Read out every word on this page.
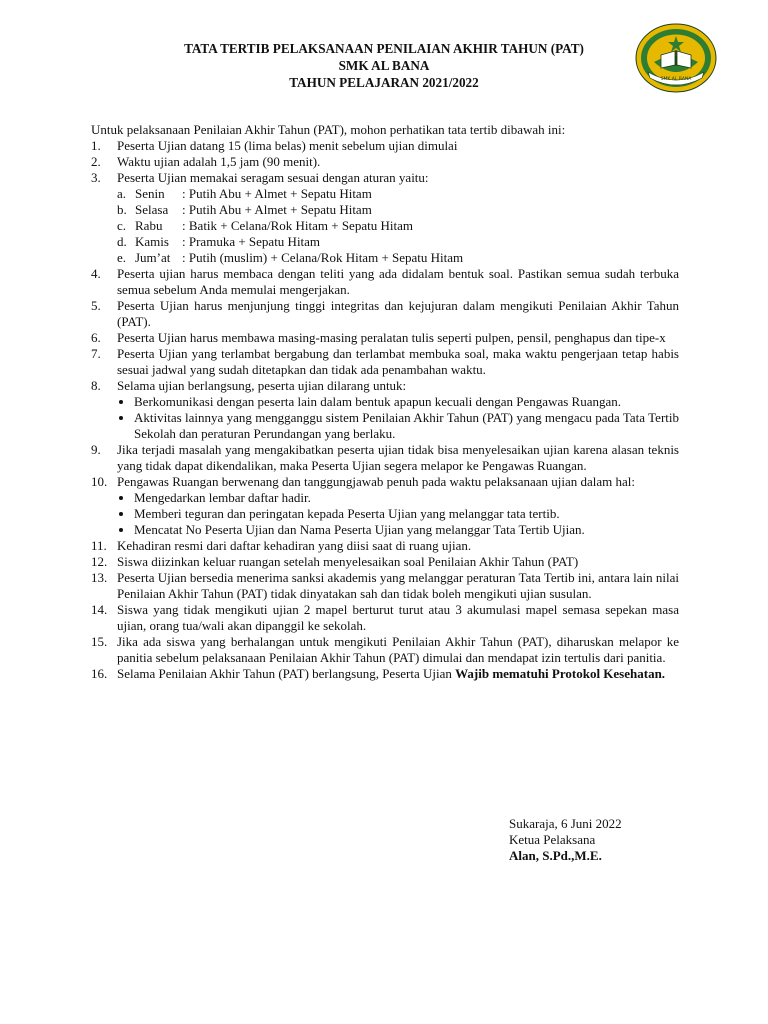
TATA TERTIB PELAKSANAAN PENILAIAN AKHIR TAHUN (PAT)
SMK AL BANA
TAHUN PELAJARAN 2021/2022	SMK AL BANA
Untuk pelaksanaan Penilaian Akhir Tahun (PAT), mohon perhatikan tata tertib dibawah ini:
1. Peserta Ujian datang 15 (lima belas) menit sebelum ujian dimulai
2. Waktu ujian adalah 1,5 jam (90 menit).
3. Peserta Ujian memakai seragam sesuai dengan aturan yaitu:
a. Senin : Putih Abu + Almet + Sepatu Hitam
b. Selasa : Putih Abu + Almet + Sepatu Hitam
c. Rabu : Batik + Celana/Rok Hitam + Sepatu Hitam
d. Kamis : Pramuka + Sepatu Hitam
e. Jum’at : Putih (muslim) + Celana/Rok Hitam + Sepatu Hitam
4. Peserta ujian harus membaca dengan teliti yang ada didalam bentuk soal. Pastikan semua sudah terbuka semua sebelum Anda memulai mengerjakan.
5. Peserta Ujian harus menjunjung tinggi integritas dan kejujuran dalam mengikuti Penilaian Akhir Tahun (PAT).
6. Peserta Ujian harus membawa masing-masing peralatan tulis seperti pulpen, pensil, penghapus dan tipe-x
7. Peserta Ujian yang terlambat bergabung dan terlambat membuka soal, maka waktu pengerjaan tetap habis sesuai jadwal yang sudah ditetapkan dan tidak ada penambahan waktu.
8. Selama ujian berlangsung, peserta ujian dilarang untuk:
Berkomunikasi dengan peserta lain dalam bentuk apapun kecuali dengan Pengawas Ruangan.
Aktivitas lainnya yang mengganggu sistem Penilaian Akhir Tahun (PAT) yang mengacu pada Tata Tertib Sekolah dan peraturan Perundangan yang berlaku.
9. Jika terjadi masalah yang mengakibatkan peserta ujian tidak bisa menyelesaikan ujian karena alasan teknis yang tidak dapat dikendalikan, maka Peserta Ujian segera melapor ke Pengawas Ruangan.
10. Pengawas Ruangan berwenang dan tanggungjawab penuh pada waktu pelaksanaan ujian dalam hal:
Mengedarkan lembar daftar hadir.
Memberi teguran dan peringatan kepada Peserta Ujian yang melanggar tata tertib.
Mencatat No Peserta Ujian dan Nama Peserta Ujian yang melanggar Tata Tertib Ujian.
11. Kehadiran resmi dari daftar kehadiran yang diisi saat di ruang ujian.
12. Siswa diizinkan keluar ruangan setelah menyelesaikan soal Penilaian Akhir Tahun (PAT)
13. Peserta Ujian bersedia menerima sanksi akademis yang melanggar peraturan Tata Tertib ini, antara lain nilai Penilaian Akhir Tahun (PAT) tidak dinyatakan sah dan tidak boleh mengikuti ujian susulan.
14. Siswa yang tidak mengikuti ujian 2 mapel berturut turut atau 3 akumulasi mapel semasa sepekan masa ujian, orang tua/wali akan dipanggil ke sekolah.
15. Jika ada siswa yang berhalangan untuk mengikuti Penilaian Akhir Tahun (PAT), diharuskan melapor ke panitia sebelum pelaksanaan Penilaian Akhir Tahun (PAT) dimulai dan mendapat izin tertulis dari panitia.
16. Selama Penilaian Akhir Tahun (PAT) berlangsung, Peserta Ujian Wajib mematuhi Protokol Kesehatan.
Sukaraja, 6 Juni 2022
Ketua Pelaksana
Alan, S.Pd.,M.E.
